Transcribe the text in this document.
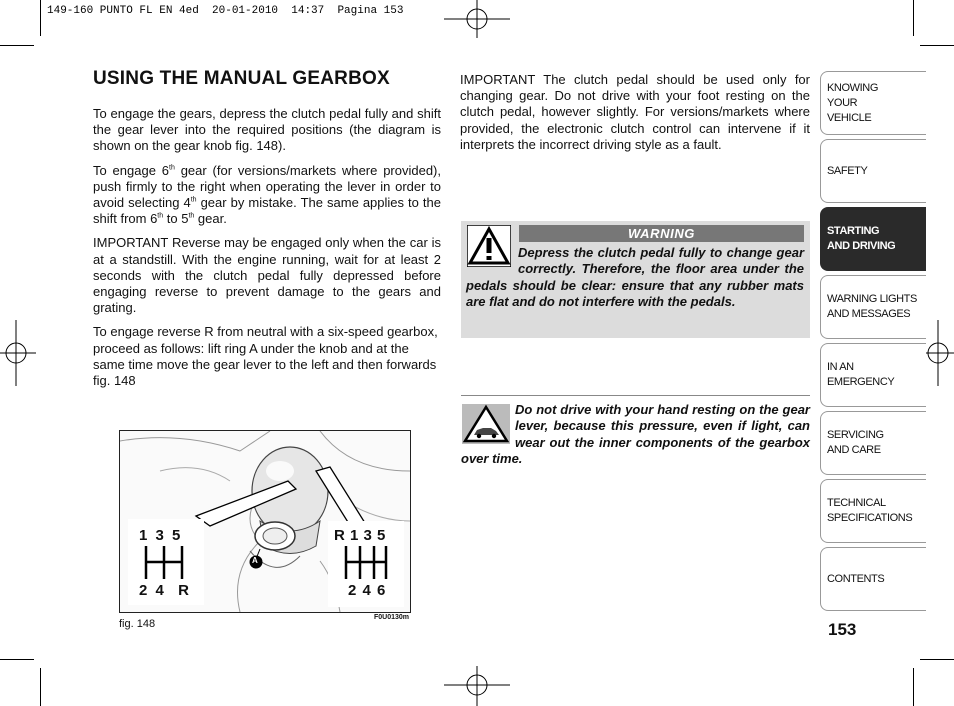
149-160 PUNTO FL EN 4ed  20-01-2010  14:37  Pagina 153
USING THE MANUAL GEARBOX

To engage the gears, depress the clutch pedal fully and shift the gear lever into the required positions (the diagram is shown on the gear knob fig. 148).

To engage 6th gear (for versions/markets where provided), push firmly to the right when operating the lever in order to avoid selecting 4th gear by mistake. The same applies to the shift from 6th to 5th gear.

IMPORTANT Reverse may be engaged only when the car is at a standstill. With the engine running, wait for at least 2 seconds with the clutch pedal fully depressed before engaging reverse to prevent damage to the gears and grating.

To engage reverse R from neutral with a six-speed gearbox, proceed as follows: lift ring A under the knob and at the same time move the gear lever to the left and then forwards fig. 148

IMPORTANT The clutch pedal should be used only for changing gear. Do not drive with your foot resting on the clutch pedal, however slightly. For versions/markets where provided, the electronic clutch control can intervene if it interprets the incorrect driving style as a fault.

WARNING
Depress the clutch pedal fully to change gear correctly. Therefore, the floor area under the pedals should be clear: ensure that any rubber mats are flat and do not interfere with the pedals.
Do not drive with your hand resting on the gear lever, because this pressure, even if light, can wear out the inner components of the gearbox over time.
1 3 5
2 4  R
R 1 3 5
2 4 6
A
fig. 148
F0U0130m
KNOWING
YOUR
VEHICLE
SAFETY
STARTING
AND DRIVING
WARNING LIGHTS
AND MESSAGES
IN AN
EMERGENCY
SERVICING
AND CARE
TECHNICAL
SPECIFICATIONS
CONTENTS
153
